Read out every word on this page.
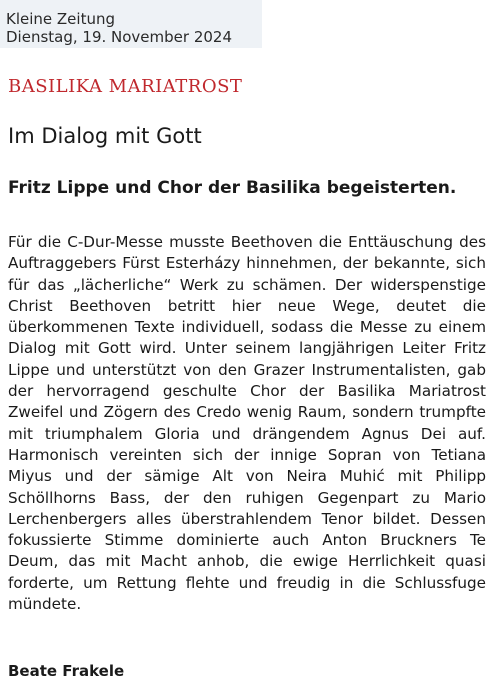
Kleine Zeitung
Dienstag, 19. November 2024
BASILIKA MARIATROST
Im Dialog mit Gott
Fritz Lippe und Chor der Basilika begeisterten.

Für die C-Dur-Messe musste Beethoven die Enttäuschung des Auftraggebers Fürst Esterházy hinnehmen, der bekannte, sich für das „lächerliche“ Werk zu schämen. Der widerspenstige Christ Beethoven betritt hier neue Wege, deutet die überkommenen Texte individuell, sodass die Messe zu einem Dialog mit Gott wird. Unter seinem langjährigen Leiter Fritz Lippe und unterstützt von den Grazer Instrumentalisten, gab der hervorragend geschulte Chor der Basilika Mariatrost Zweifel und Zögern des Credo wenig Raum, sondern trumpfte mit triumphalem Gloria und drängendem Agnus Dei auf. Harmonisch vereinten sich der innige Sopran von Tetiana Miyus und der sämige Alt von Neira Muhić mit Philipp Schöllhorns Bass, der den ruhigen Gegenpart zu Mario Lerchenbergers alles überstrahlendem Tenor bildet. Dessen fokussierte Stimme dominierte auch Anton Bruckners Te Deum, das mit Macht anhob, die ewige Herrlichkeit quasi forderte, um Rettung flehte und freudig in die Schlussfuge mündete.

Beate Frakele
